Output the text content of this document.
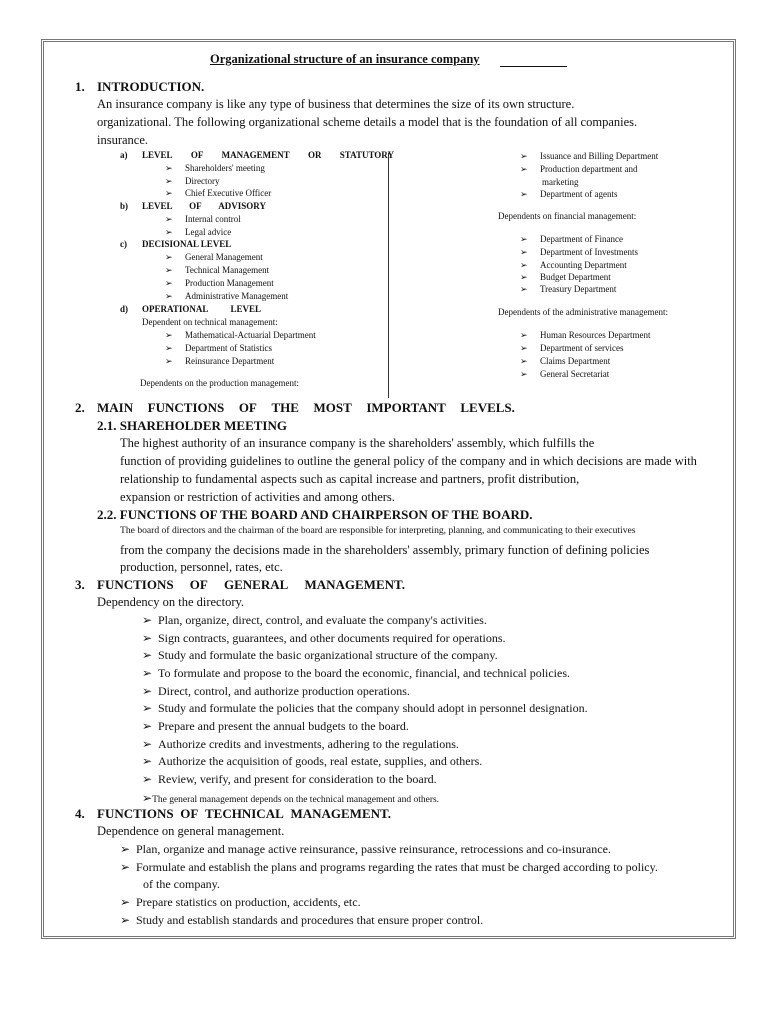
Organizational structure of an insurance company
1. INTRODUCTION.
An insurance company is like any type of business that determines the size of its own structure.
organizational. The following organizational scheme details a model that is the foundation of all companies.
insurance.
a) LEVEL OF MANAGEMENT OR STATUTORY
➢ Shareholders' meeting
➢ Directory
➢ Chief Executive Officer
b) LEVEL OF ADVISORY
➢ Internal control
➢ Legal advice
c) DECISIONAL LEVEL
➢ General Management
➢ Technical Management
➢ Production Management
➢ Administrative Management
d) OPERATIONAL LEVEL
Dependent on technical management:
➢ Mathematical-Actuarial Department
➢ Department of Statistics
➢ Reinsurance Department
Dependents on the production management:
➢ Issuance and Billing Department
➢ Production department and
marketing
➢ Department of agents
Dependents on financial management:
➢ Department of Finance
➢ Department of Investments
➢ Accounting Department
➢ Budget Department
➢ Treasury Department
Dependents of the administrative management:
➢ Human Resources Department
➢ Department of services
➢ Claims Department
➢ General Secretariat
2. MAIN FUNCTIONS OF THE MOST IMPORTANT LEVELS.
2.1. SHAREHOLDER MEETING
The highest authority of an insurance company is the shareholders' assembly, which fulfills the
function of providing guidelines to outline the general policy of the company and in which decisions are made with
relationship to fundamental aspects such as capital increase and partners, profit distribution,
expansion or restriction of activities and among others.
2.2. FUNCTIONS OF THE BOARD AND CHAIRPERSON OF THE BOARD.
The board of directors and the chairman of the board are responsible for interpreting, planning, and communicating to their executives
from the company the decisions made in the shareholders' assembly, primary function of defining policies
production, personnel, rates, etc.
3. FUNCTIONS OF GENERAL MANAGEMENT.
Dependency on the directory.
➢ Plan, organize, direct, control, and evaluate the company's activities.
➢ Sign contracts, guarantees, and other documents required for operations.
➢ Study and formulate the basic organizational structure of the company.
➢ To formulate and propose to the board the economic, financial, and technical policies.
➢ Direct, control, and authorize production operations.
➢ Study and formulate the policies that the company should adopt in personnel designation.
➢ Prepare and present the annual budgets to the board.
➢ Authorize credits and investments, adhering to the regulations.
➢ Authorize the acquisition of goods, real estate, supplies, and others.
➢ Review, verify, and present for consideration to the board.
➢The general management depends on the technical management and others.
4. FUNCTIONS OF TECHNICAL MANAGEMENT.
Dependence on general management.
➢ Plan, organize and manage active reinsurance, passive reinsurance, retrocessions and co-insurance.
➢ Formulate and establish the plans and programs regarding the rates that must be charged according to policy.
of the company.
➢ Prepare statistics on production, accidents, etc.
➢ Study and establish standards and procedures that ensure proper control.
